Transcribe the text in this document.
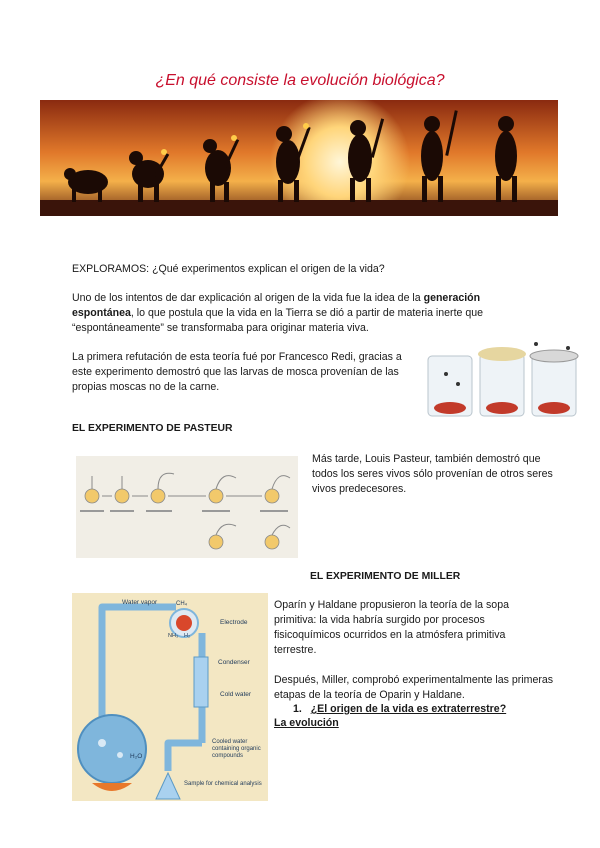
¿En qué consiste la evolución biológica?
EXPLORAMOS: ¿Qué experimentos explican el origen de la vida?
Uno de los intentos de dar explicación al origen de la vida fue la idea de la generación espontánea, lo que postula que la vida en la Tierra se dió a partir de materia inerte que “espontáneamente” se transformaba para originar materia viva.
La primera refutación de esta teoría fué por Francesco Redi, gracias a este experimento demostró que las larvas de mosca provenían de las propias moscas no de la carne.
EL EXPERIMENTO DE PASTEUR
Más tarde, Louis Pasteur, también demostró que todos los seres vivos sólo provenían de otros seres vivos predecesores.
EL EXPERIMENTO DE MILLER
Water vapor	CH₄
NH₃ H₂
Electrode
Condenser
Cold water
Cooled water containing organic compounds
H₂O
Sample for chemical analysis
Oparín y Haldane propusieron la teoría de la sopa primitiva: la vida habría surgido por procesos fisicoquímicos ocurridos en la atmósfera primitiva terrestre.
Después, Miller, comprobó experimentalmente las primeras etapas de la teoría de Oparin y Haldane.
1. ¿El origen de la vida es extraterrestre?
La evolución
